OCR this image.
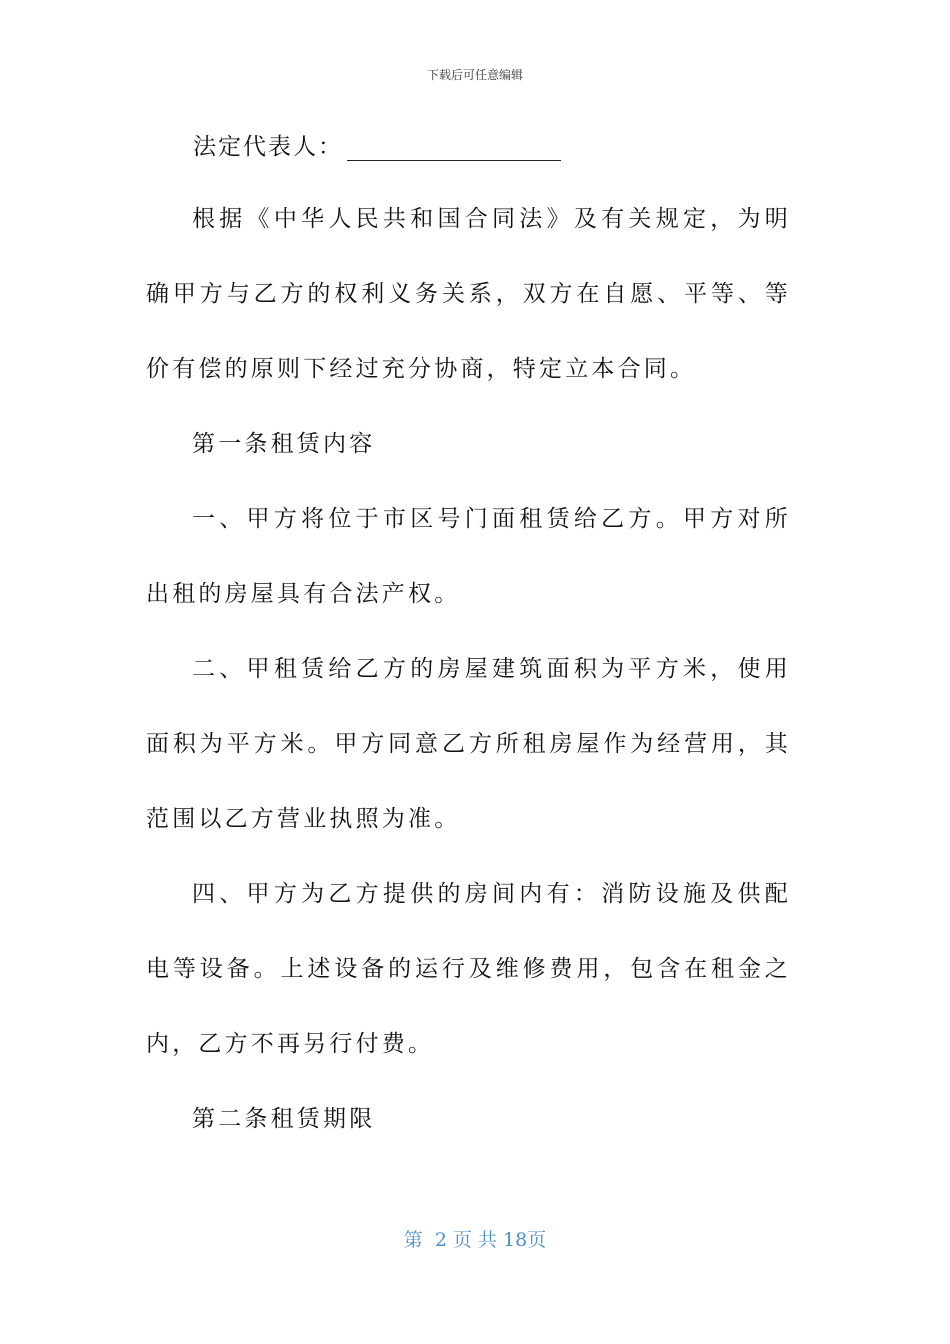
下载后可任意编辑
法定代表人：

根据《中华人民共和国合同法》及有关规定，为明确甲方与乙方的权利义务关系，双方在自愿、平等、等价有偿的原则下经过充分协商，特定立本合同。

第一条租赁内容

一、甲方将位于市区号门面租赁给乙方。甲方对所出租的房屋具有合法产权。

二、甲租赁给乙方的房屋建筑面积为平方米，使用面积为平方米。甲方同意乙方所租房屋作为经营用，其范围以乙方营业执照为准。

四、甲方为乙方提供的房间内有：消防设施及供配电等设备。上述设备的运行及维修费用，包含在租金之内，乙方不再另行付费。

第二条租赁期限

第  2 页 共 18页
